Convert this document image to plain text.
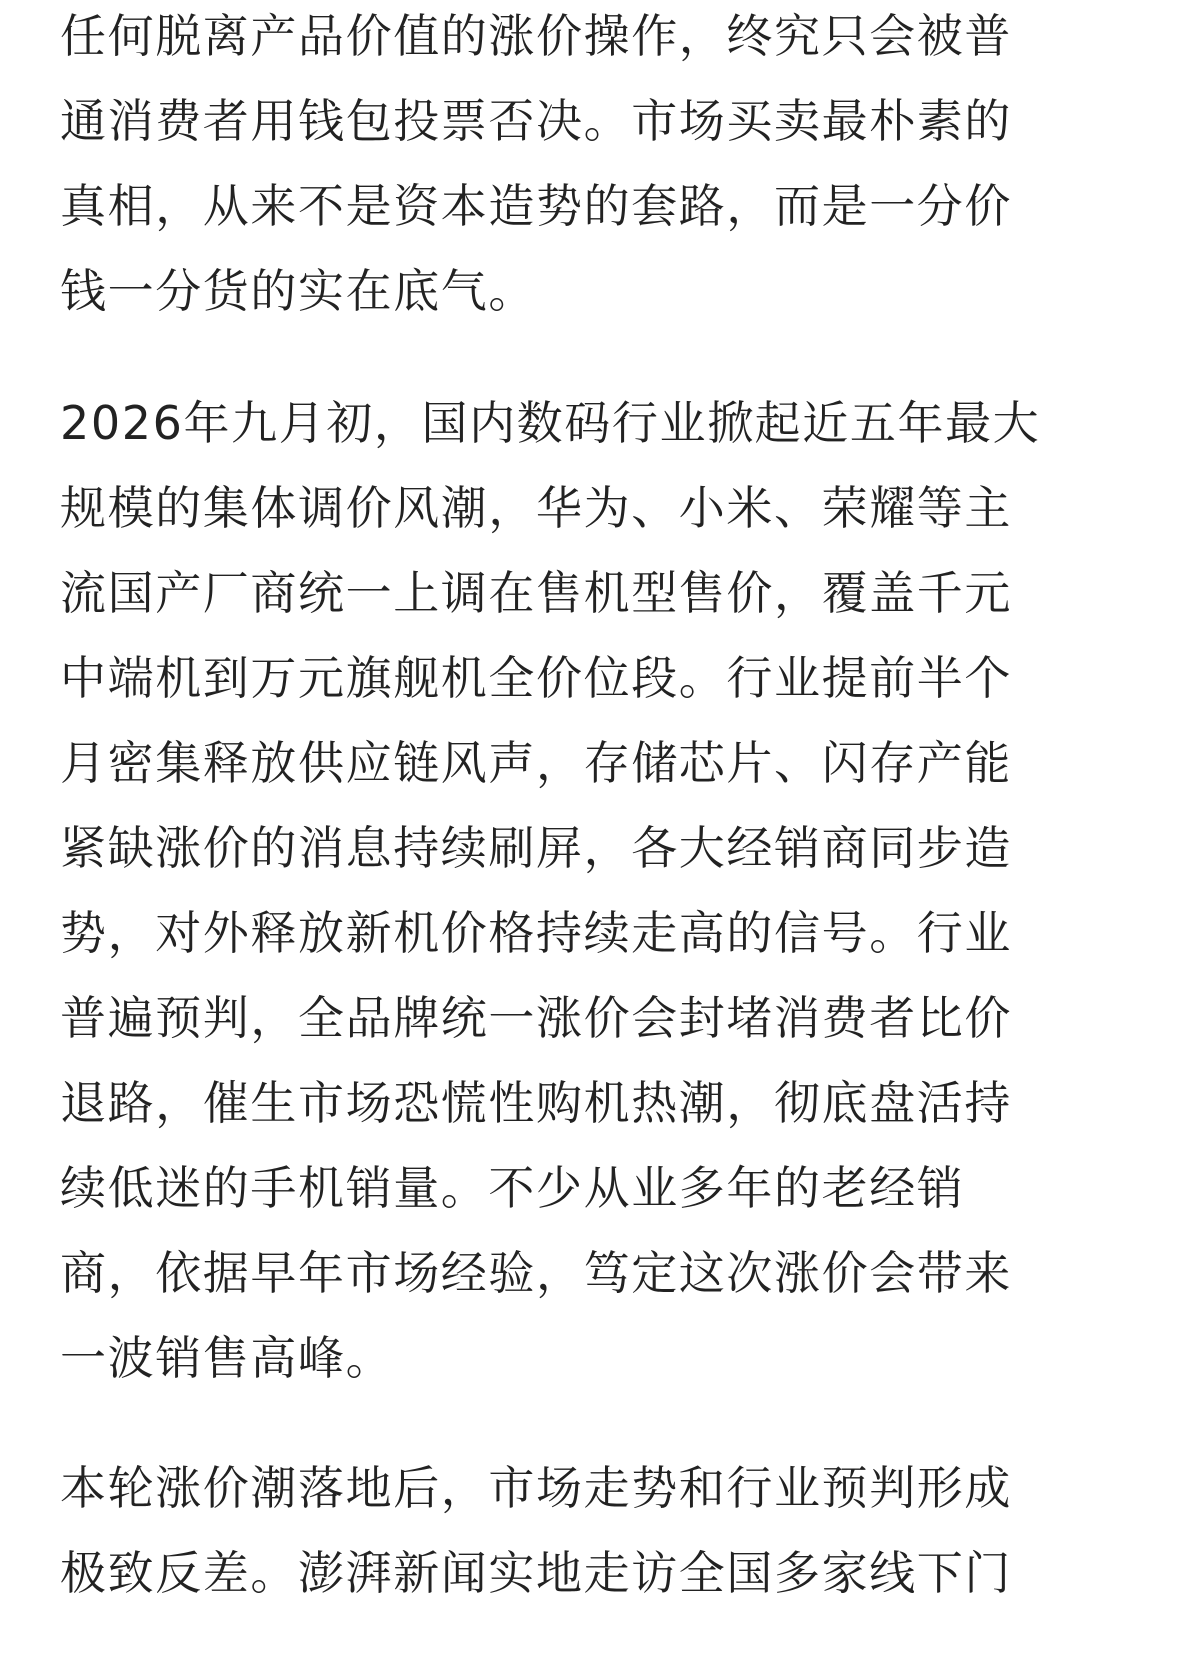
任何脱离产品价值的涨价操作，终究只会被普
通消费者用钱包投票否决。市场买卖最朴素的
真相，从来不是资本造势的套路，而是一分价
钱一分货的实在底气。
2026年九月初，国内数码行业掀起近五年最大
规模的集体调价风潮，华为、小米、荣耀等主
流国产厂商统一上调在售机型售价，覆盖千元
中端机到万元旗舰机全价位段。行业提前半个
月密集释放供应链风声，存储芯片、闪存产能
紧缺涨价的消息持续刷屏，各大经销商同步造
势，对外释放新机价格持续走高的信号。行业
普遍预判，全品牌统一涨价会封堵消费者比价
退路，催生市场恐慌性购机热潮，彻底盘活持
续低迷的手机销量。不少从业多年的老经销
商，依据早年市场经验，笃定这次涨价会带来
一波销售高峰。
本轮涨价潮落地后，市场走势和行业预判形成
极致反差。澎湃新闻实地走访全国多家线下门
